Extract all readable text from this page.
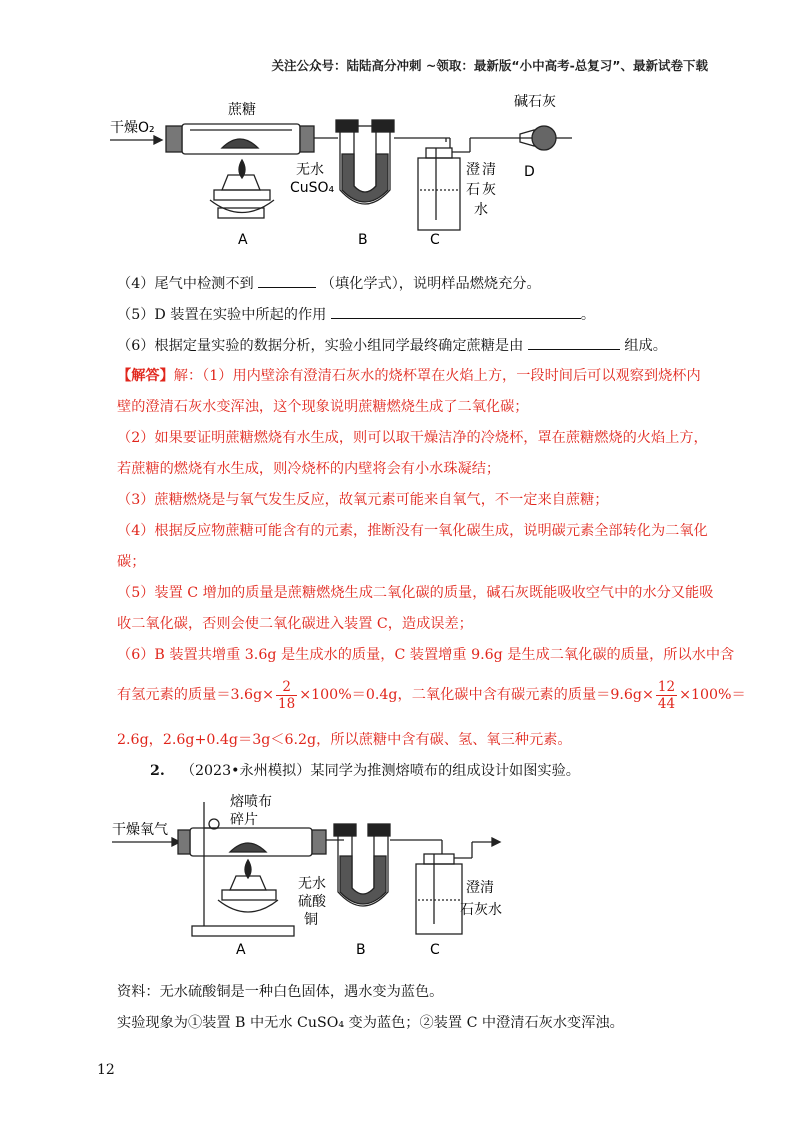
关注公众号：陆陆高分冲刺 ~领取：最新版“小中高考-总复习”、最新试卷下载
干燥O₂
蔗糖	碱石灰
无水
CuSO₄
澄 清
石 灰
水
A	B	C
D
（4）尾气中检测不到	（填化学式），说明样品燃烧充分。
（5）D 装置在实验中所起的作用	。
（6）根据定量实验的数据分析，实验小组同学最终确定蔗糖是由	组成。
【解答】解：（1）用内壁涂有澄清石灰水的烧杯罩在火焰上方，一段时间后可以观察到烧杯内
壁的澄清石灰水变浑浊，这个现象说明蔗糖燃烧生成了二氧化碳；
（2）如果要证明蔗糖燃烧有水生成，则可以取干燥洁净的冷烧杯，罩在蔗糖燃烧的火焰上方，
若蔗糖的燃烧有水生成，则冷烧杯的内壁将会有小水珠凝结；
（3）蔗糖燃烧是与氧气发生反应，故氧元素可能来自氧气，不一定来自蔗糖；
（4）根据反应物蔗糖可能含有的元素，推断没有一氧化碳生成，说明碳元素全部转化为二氧化
碳；
（5）装置 C 增加的质量是蔗糖燃烧生成二氧化碳的质量，碱石灰既能吸收空气中的水分又能吸
收二氧化碳，否则会使二氧化碳进入装置 C，造成误差；
（6）B 装置共增重 3.6g 是生成水的质量，C 装置增重 9.6g 是生成二氧化碳的质量，所以水中含
有氢元素的质量$=3.6g\times \frac{2}{18} \times 100\%=0.4g$，二氧化碳中含有碳元素的质量$=9.6g\times \frac{12}{44} \times 100\%=$
2.6g，2.6g+0.4g＝3g＜6.2g，所以蔗糖中含有碳、氢、氧三种元素。
2. （2023•永州模拟）某同学为推测熔喷布的组成设计如图实验。
干燥氧气
熔喷布
碎片
无水
硫酸
铜
澄清
石灰水
A	B	C
资料：无水硫酸铜是一种白色固体，遇水变为蓝色。
实验现象为①装置 B 中无水 CuSO₄ 变为蓝色；②装置 C 中澄清石灰水变浑浊。
12
